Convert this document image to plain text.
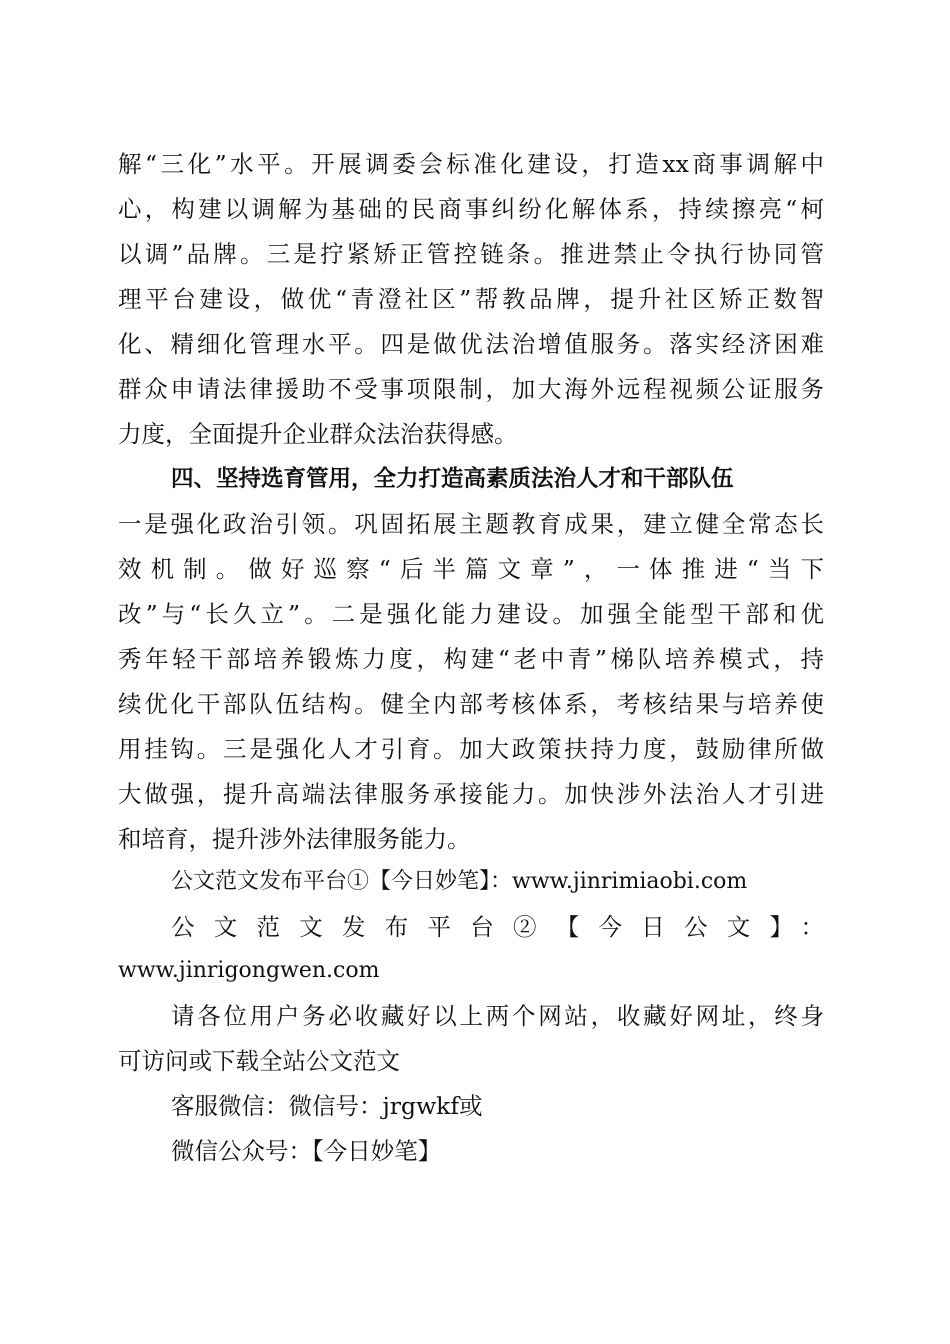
解“三化”水平。开展调委会标准化建设，打造xx商事调解中
心，构建以调解为基础的民商事纠纷化解体系，持续擦亮“柯
以调”品牌。三是拧紧矫正管控链条。推进禁止令执行协同管
理平台建设，做优“青澄社区”帮教品牌，提升社区矫正数智
化、精细化管理水平。四是做优法治增值服务。落实经济困难
群众申请法律援助不受事项限制，加大海外远程视频公证服务
力度，全面提升企业群众法治获得感。
四、坚持选育管用，全力打造高素质法治人才和干部队伍
一是强化政治引领。巩固拓展主题教育成果，建立健全常态长
效机制。做好巡察“后半篇文章”，一体推进“当下
改”与“长久立”。二是强化能力建设。加强全能型干部和优
秀年轻干部培养锻炼力度，构建“老中青”梯队培养模式，持
续优化干部队伍结构。健全内部考核体系，考核结果与培养使
用挂钩。三是强化人才引育。加大政策扶持力度，鼓励律所做
大做强，提升高端法律服务承接能力。加快涉外法治人才引进
和培育，提升涉外法律服务能力。
公文范文发布平台①【今日妙笔】：www.jinrimiaobi.com
公文范文发布平台②【今日公文】：
www.jinrigongwen.com
请各位用户务必收藏好以上两个网站，收藏好网址，终身
可访问或下载全站公文范文
客服微信：微信号：jrgwkf或
微信公众号：【今日妙笔】
